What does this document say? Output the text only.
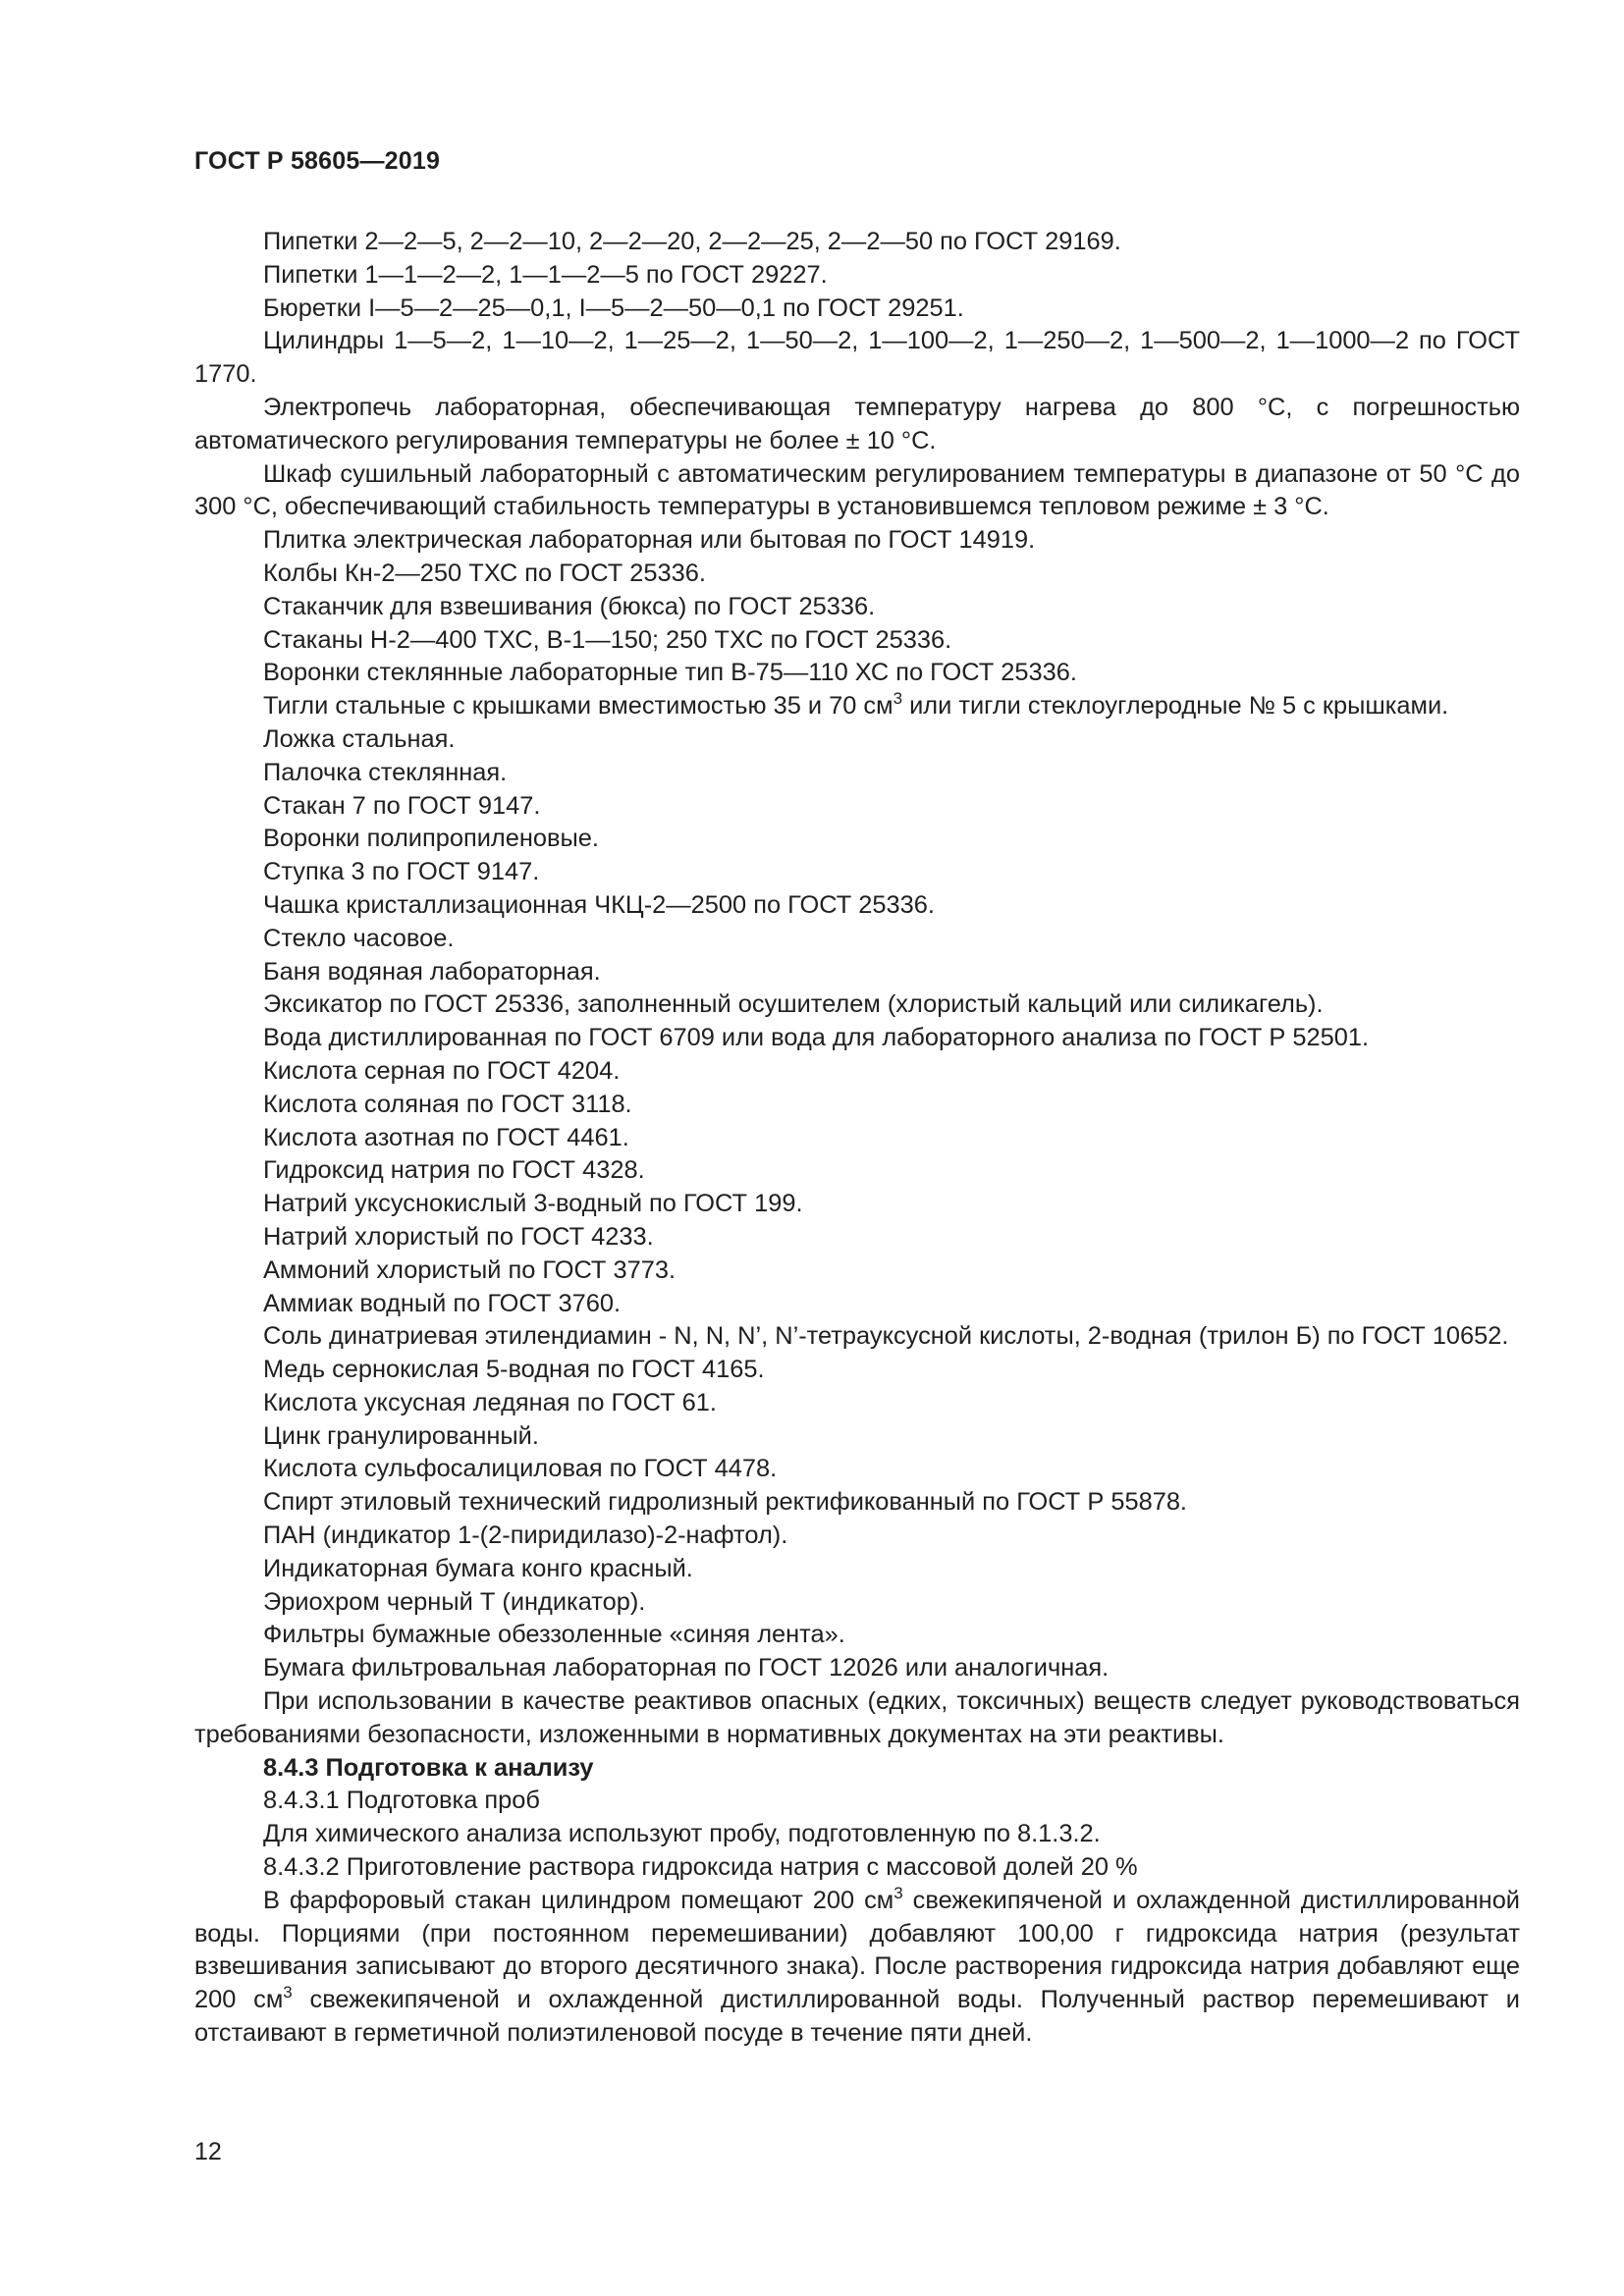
ГОСТ Р 58605—2019

Пипетки 2—2—5, 2—2—10, 2—2—20, 2—2—25, 2—2—50 по ГОСТ 29169.

Пипетки 1—1—2—2, 1—1—2—5 по ГОСТ 29227.

Бюретки I—5—2—25—0,1, I—5—2—50—0,1 по ГОСТ 29251.

Цилиндры 1—5—2, 1—10—2, 1—25—2, 1—50—2, 1—100—2, 1—250—2, 1—500—2, 1—1000—2 по ГОСТ 1770.

Электропечь лабораторная, обеспечивающая температуру нагрева до 800 °С, с погрешностью автоматического регулирования температуры не более ± 10 °С.

Шкаф сушильный лабораторный с автоматическим регулированием температуры в диапазоне от 50 °С до 300 °С, обеспечивающий стабильность температуры в установившемся тепловом режиме ± 3 °С.

Плитка электрическая лабораторная или бытовая по ГОСТ 14919.

Колбы Кн-2—250 ТХС по ГОСТ 25336.

Стаканчик для взвешивания (бюкса) по ГОСТ 25336.

Стаканы Н-2—400 ТХС, В-1—150; 250 ТХС по ГОСТ 25336.

Воронки стеклянные лабораторные тип В-75—110 ХС по ГОСТ 25336.

Тигли стальные с крышками вместимостью 35 и 70 $см^3$ или тигли стеклоуглеродные № 5 с крышками.

Ложка стальная.

Палочка стеклянная.

Стакан 7 по ГОСТ 9147.

Воронки полипропиленовые.

Ступка 3 по ГОСТ 9147.

Чашка кристаллизационная ЧКЦ-2—2500 по ГОСТ 25336.

Стекло часовое.

Баня водяная лабораторная.

Эксикатор по ГОСТ 25336, заполненный осушителем (хлористый кальций или силикагель).

Вода дистиллированная по ГОСТ 6709 или вода для лабораторного анализа по ГОСТ Р 52501.

Кислота серная по ГОСТ 4204.

Кислота соляная по ГОСТ 3118.

Кислота азотная по ГОСТ 4461.

Гидроксид натрия по ГОСТ 4328.

Натрий уксуснокислый 3-водный по ГОСТ 199.

Натрий хлористый по ГОСТ 4233.

Аммоний хлористый по ГОСТ 3773.

Аммиак водный по ГОСТ 3760.

Соль динатриевая этилендиамин - N, N, N’, N’-тетрауксусной кислоты, 2-водная (трилон Б) по ГОСТ 10652.

Медь сернокислая 5-водная по ГОСТ 4165.

Кислота уксусная ледяная по ГОСТ 61.

Цинк гранулированный.

Кислота сульфосалициловая по ГОСТ 4478.

Спирт этиловый технический гидролизный ректификованный по ГОСТ Р 55878.

ПАН (индикатор 1-(2-пиридилазо)-2-нафтол).

Индикаторная бумага конго красный.

Эриохром черный Т (индикатор).

Фильтры бумажные обеззоленные «синяя лента».

Бумага фильтровальная лабораторная по ГОСТ 12026 или аналогичная.

При использовании в качестве реактивов опасных (едких, токсичных) веществ следует руководствоваться требованиями безопасности, изложенными в нормативных документах на эти реактивы.

8.4.3 Подготовка к анализу

8.4.3.1 Подготовка проб

Для химического анализа используют пробу, подготовленную по 8.1.3.2.

8.4.3.2 Приготовление раствора гидроксида натрия с массовой долей 20 %

В фарфоровый стакан цилиндром помещают 200 $см^3$ свежекипяченой и охлажденной дистиллированной воды. Порциями (при постоянном перемешивании) добавляют 100,00 г гидроксида натрия (результат взвешивания записывают до второго десятичного знака). После растворения гидроксида натрия добавляют еще 200 $см^3$ свежекипяченой и охлажденной дистиллированной воды. Полученный раствор перемешивают и отстаивают в герметичной полиэтиленовой посуде в течение пяти дней.

12
